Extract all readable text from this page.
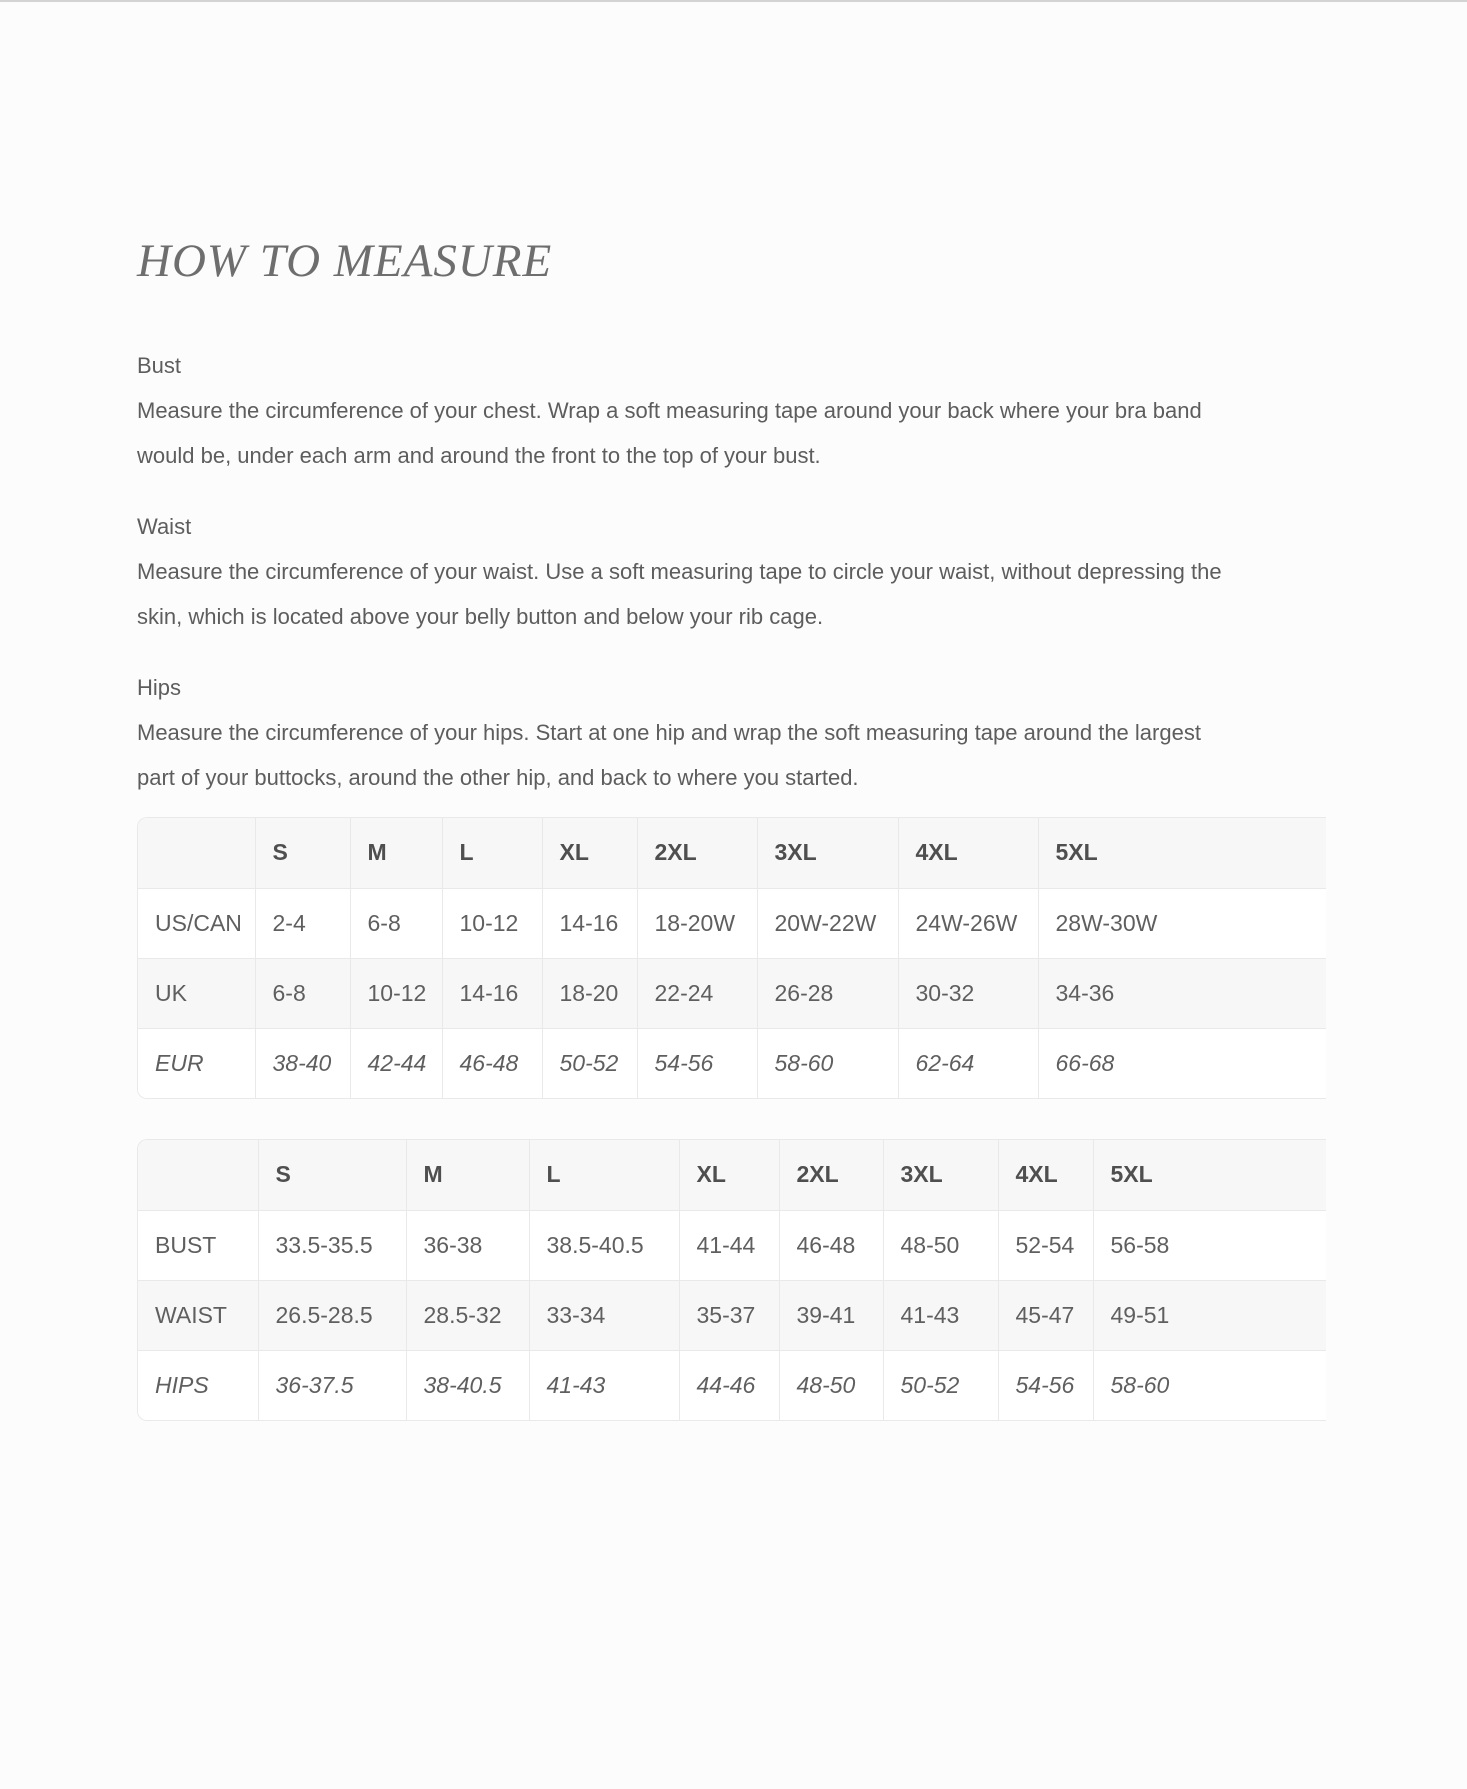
HOW TO MEASURE

Bust

Measure the circumference of your chest. Wrap a soft measuring tape around your back where your bra band would be, under each arm and around the front to the top of your bust.

Waist

Measure the circumference of your waist. Use a soft measuring tape to circle your waist, without depressing the skin, which is located above your belly button and below your rib cage.

Hips

Measure the circumference of your hips. Start at one hip and wrap the soft measuring tape around the largest part of your buttocks, around the other hip, and back to where you started.

	S	M	L	XL	2XL	3XL	4XL	5XL
US/CAN	2-4	6-8	10-12	14-16	18-20W	20W-22W	24W-26W	28W-30W
UK	6-8	10-12	14-16	18-20	22-24	26-28	30-32	34-36
EUR	38-40	42-44	46-48	50-52	54-56	58-60	62-64	66-68
	S	M	L	XL	2XL	3XL	4XL	5XL
BUST	33.5-35.5	36-38	38.5-40.5	41-44	46-48	48-50	52-54	56-58
WAIST	26.5-28.5	28.5-32	33-34	35-37	39-41	41-43	45-47	49-51
HIPS	36-37.5	38-40.5	41-43	44-46	48-50	50-52	54-56	58-60
